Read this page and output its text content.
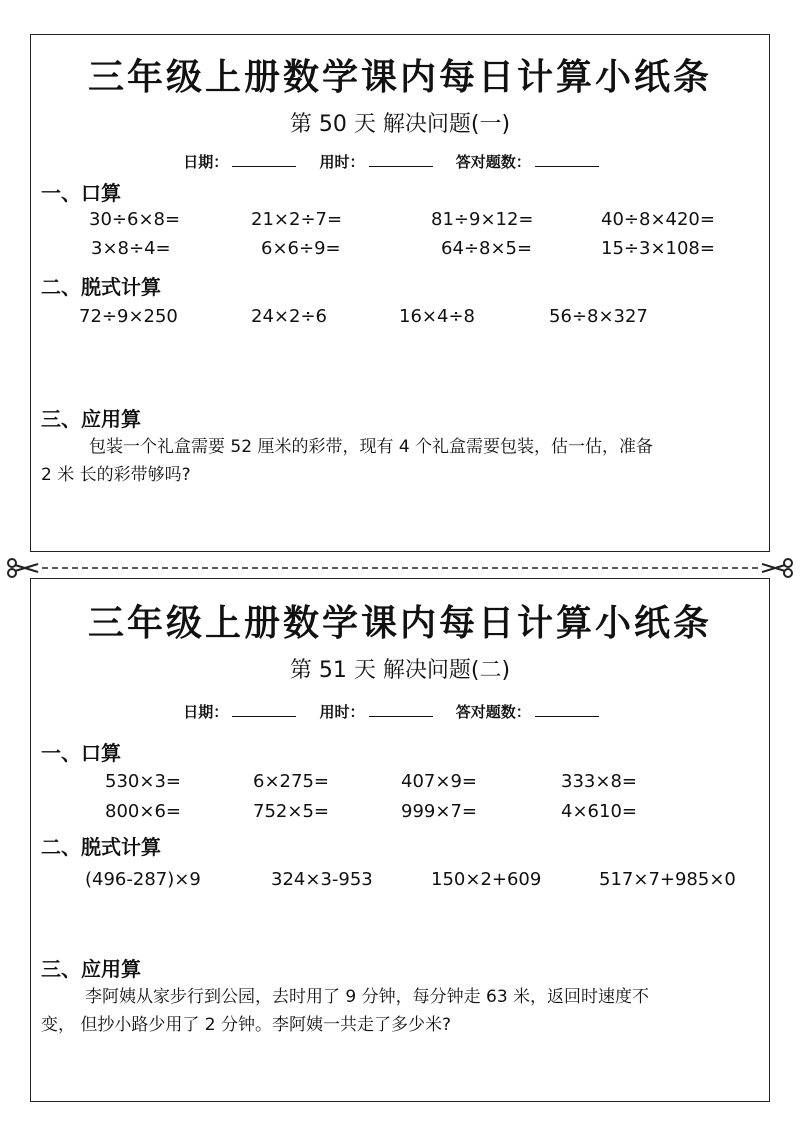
三年级上册数学课内每日计算小纸条
第 50 天 解决问题(一)
日期：	用时：	答对题数：
一、口算
30÷6×8=	21×2÷7=	81÷9×12=	40÷8×420=
3×8÷4=	6×6÷9=	64÷8×5=	15÷3×108=
二、脱式计算
72÷9×250	24×2÷6	16×4÷8	56÷8×327
三、应用算
包装一个礼盒需要 52 厘米的彩带，现有 4 个礼盒需要包装，估一估，准备
2 米 长的彩带够吗?
三年级上册数学课内每日计算小纸条
第 51 天 解决问题(二)
日期：	用时：	答对题数：
一、口算
530×3=	6×275=	407×9=	333×8=
800×6=	752×5=	999×7=	4×610=
二、脱式计算
(496-287)×9	324×3-953	150×2+609	517×7+985×0
三、应用算
李阿姨从家步行到公园，去时用了 9 分钟，每分钟走 63 米，返回时速度不
变， 但抄小路少用了 2 分钟。李阿姨一共走了多少米?
